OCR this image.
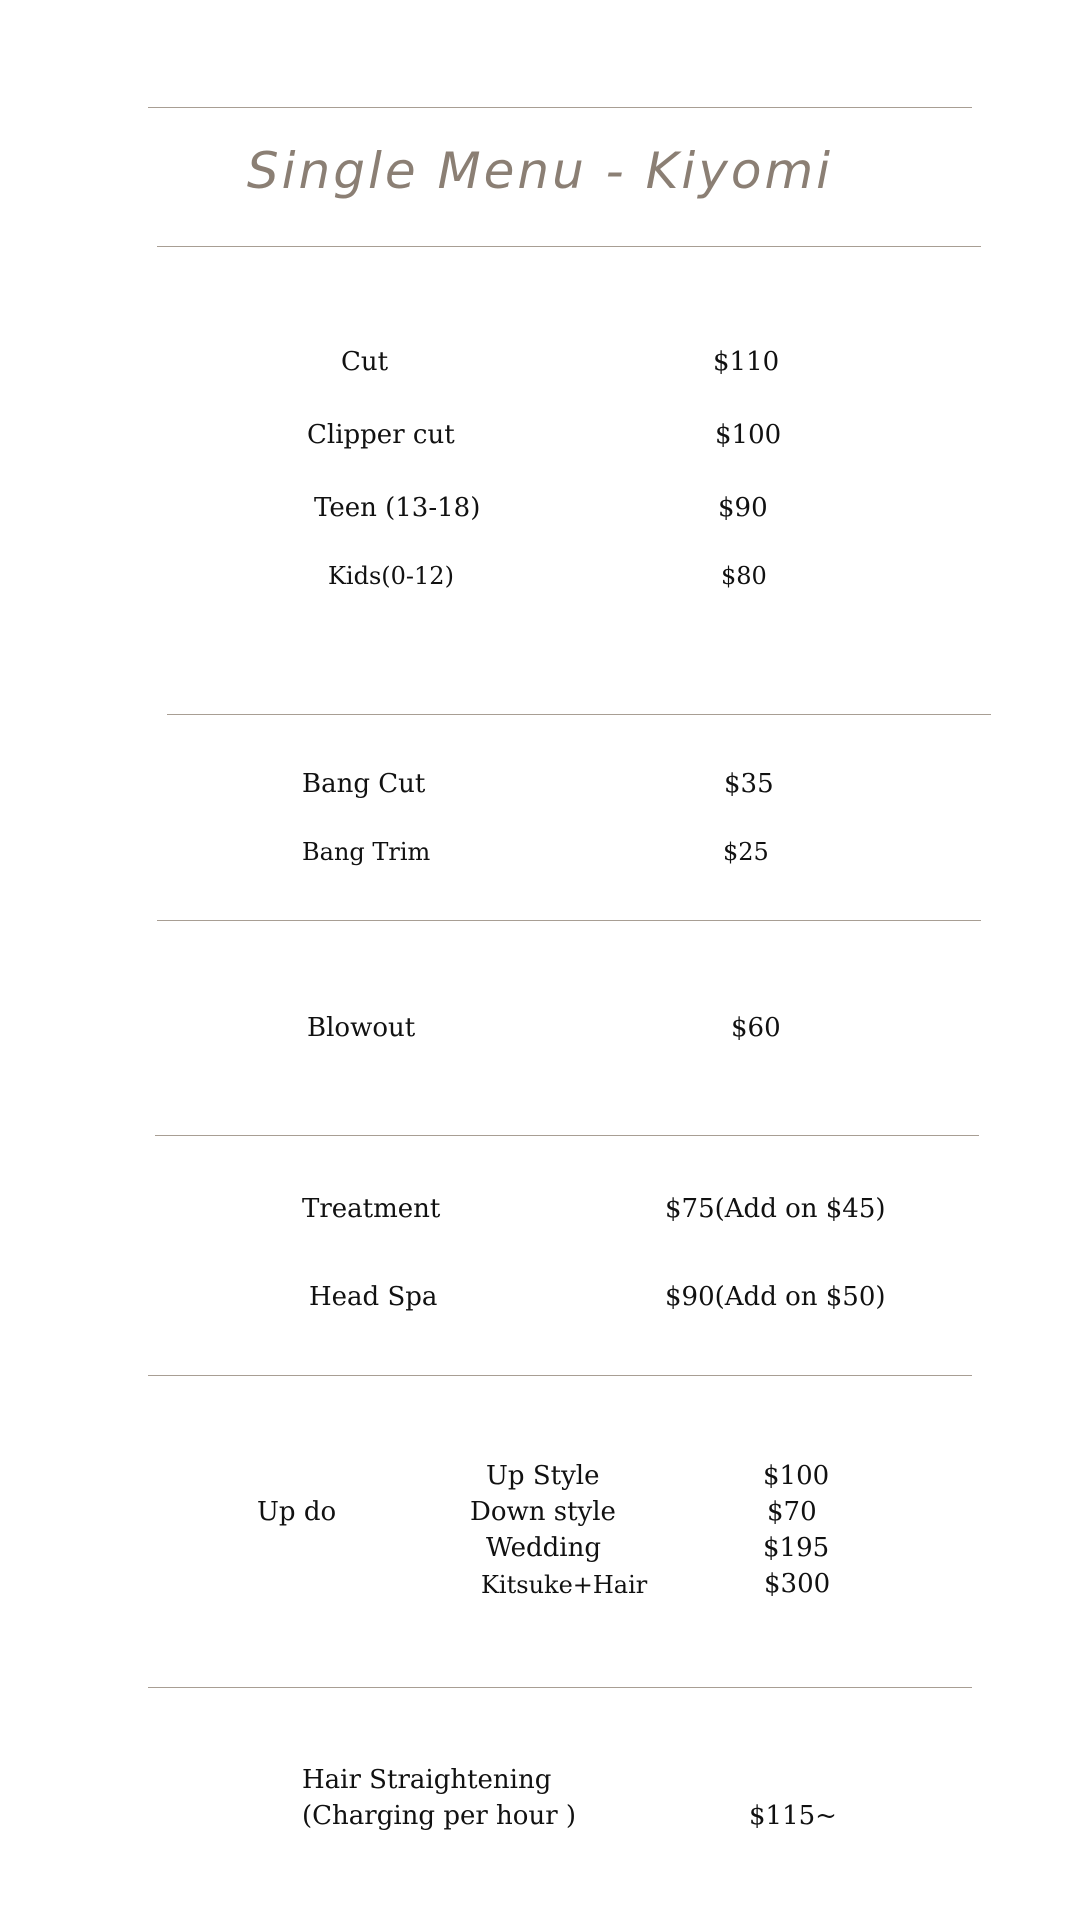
Single Menu - Kiyomi
Cut	$110
Clipper cut	$100
Teen (13-18)	$90
Kids(0-12)	$80
Bang Cut	$35
Bang Trim	$25
Blowout	$60
Treatment	$75(Add on $45)
Head Spa	$90(Add on $50)
Up do
Up Style	$100
Down style	$70
Wedding	$195
Kitsuke+Hair	$300
Hair Straightening
(Charging per hour )	$115~
